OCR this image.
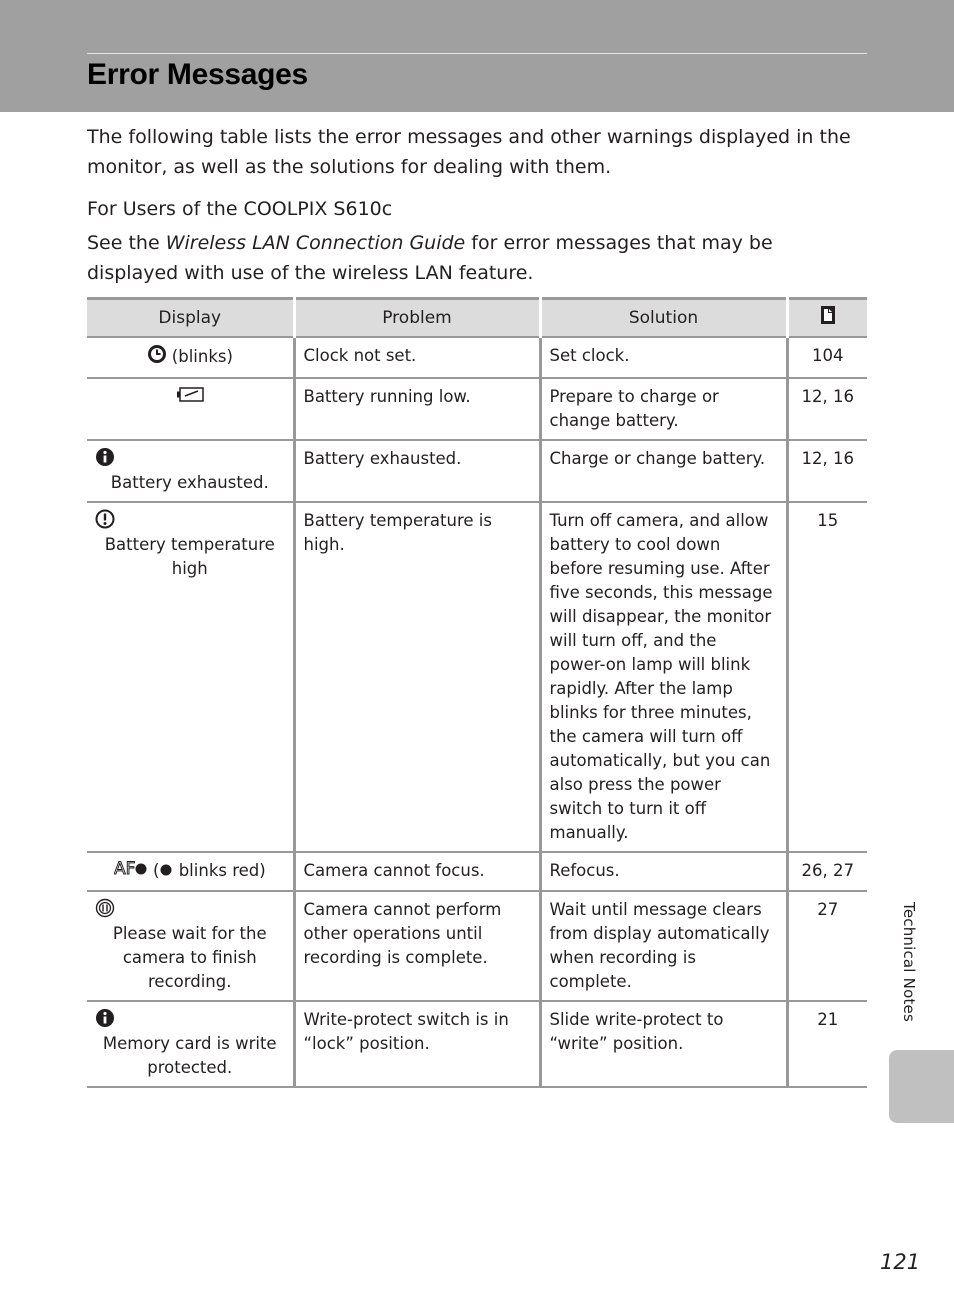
Error Messages

The following table lists the error messages and other warnings displayed in the monitor, as well as the solutions for dealing with them.

For Users of the COOLPIX S610c

See the Wireless LAN Connection Guide for error messages that may be displayed with use of the wireless LAN feature.

Display	Problem	Solution	
(blinks)	Clock not set.	Set clock.	104
	Battery running low.	Prepare to charge or change battery.	12, 16

Battery exhausted.	Battery exhausted.	Charge or change battery.	12, 16

Battery temperature high	Battery temperature is high.	Turn off camera, and allow battery to cool down before resuming use. After five seconds, this message will disappear, the monitor will turn off, and the power-on lamp will blink rapidly. After the lamp blinks for three minutes, the camera will turn off automatically, but you can also press the power switch to turn it off manually.	15

AF ( blinks red)	Camera cannot focus.	Refocus.	26, 27

Please wait for the camera to finish recording.	Camera cannot perform other operations until recording is complete.	Wait until message clears from display automatically when recording is complete.	27

Memory card is write protected.	Write-protect switch is in “lock” position.	Slide write-protect to “write” position.	21	Technical Notes
121
